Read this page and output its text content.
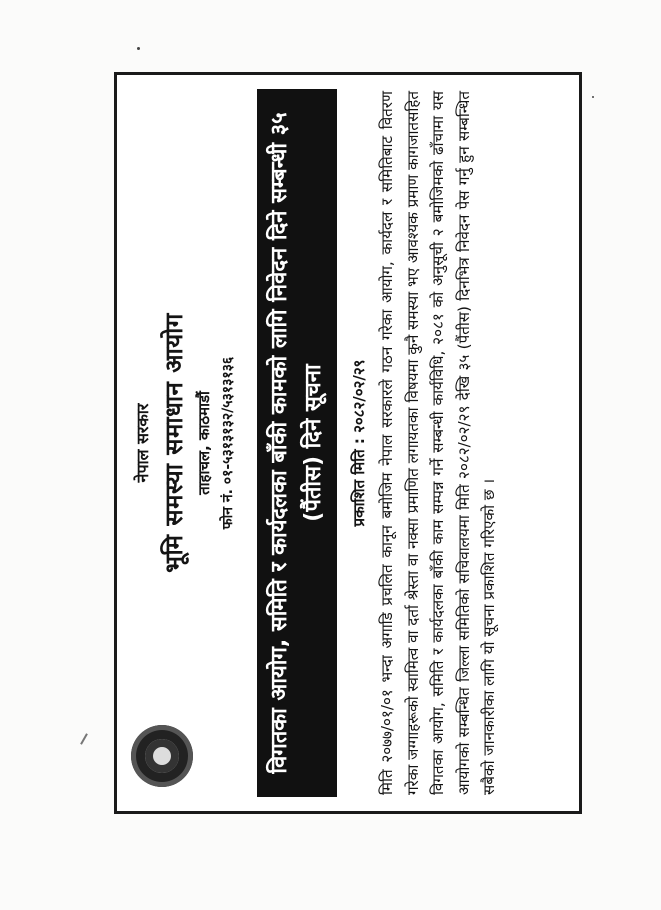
नेपाल सरकार भूमि समस्या समाधान आयोग ताहाचल, काठमाडौं फोन नं. ०१-५३१३१३२/५३१३१३६	विगतका आयोग, समिति र कार्यदलका बाँकी कामको लागि निवेदन दिने सम्बन्धी ३५ (पैंतीस) दिने सूचना	प्रकाशित मिति : २०८२/०२/२९ मिति २०७७/०१/०१ भन्दा अगाडि प्रचलित कानून बमोजिम नेपाल सरकारले गठन गरेका आयोग, कार्यदल र समितिबाट वितरण गरेका जग्गाहरूको स्वामित्व वा दर्ता श्रेस्ता वा नक्सा प्रमाणित लगायतका विषयमा कुनै समस्या भए आवश्यक प्रमाण कागजातसहित विगतका आयोग, समिति र कार्यदलका बाँकी काम सम्पन्न गर्ने सम्बन्धी कार्यविधि, २०८१ को अनुसूची २ बमोजिमको ढाँचामा यस आयोगको सम्बन्धित जिल्ला समितिको सचिवालयमा मिति २०८२/०२/२९ देखि ३५ (पैंतीस) दिनभित्र निवेदन पेस गर्नु हुन सम्बन्धित सबैको जानकारीका लागि यो सूचना प्रकाशित गरिएको छ ।
